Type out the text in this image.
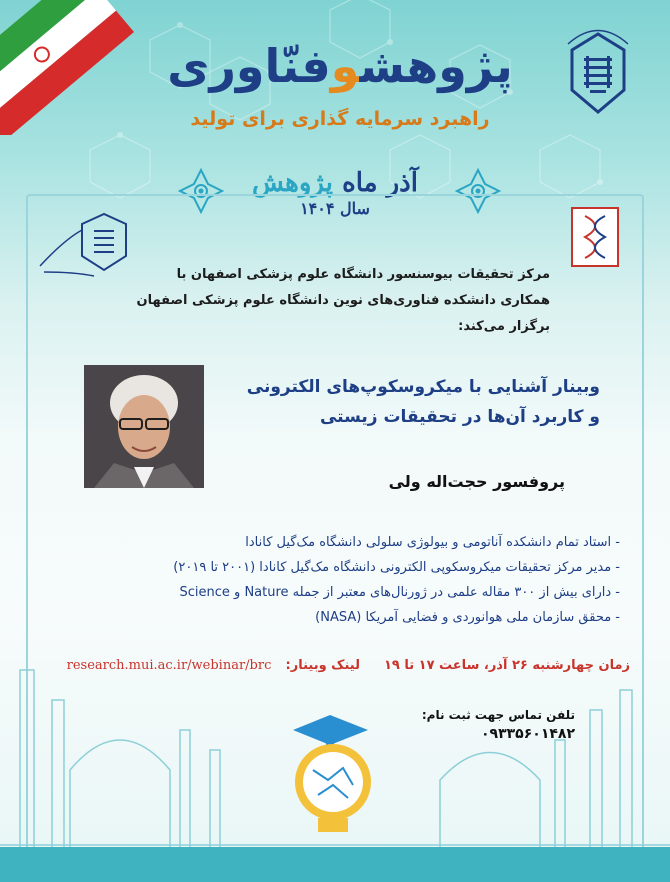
پژوهشوفنّاوری
راهبرد سرمایه گذاری برای تولید
آذر ماه پژوهش سال ۱۴۰۴

مرکز تحقیقات بیوسنسور دانشگاه علوم پزشکی اصفهان با

همکاری دانشکده فناوری‌های نوین دانشگاه علوم پزشکی اصفهان برگزار می‌کند:

وبینار آشنایی با میکروسکوپ‌های الکترونی

و کاربرد آن‌ها در تحقیقات زیستی

پروفسور حجت‌اله ولی

- استاد تمام دانشکده آناتومی و بیولوژی سلولی دانشگاه مک‌گیل کانادا

- مدیر مرکز تحقیقات میکروسکوپی الکترونی دانشگاه مک‌گیل کانادا (۲۰۰۱ تا ۲۰۱۹)

- دارای بیش از ۳۰۰ مقاله علمی در ژورنال‌های معتبر از جمله Nature و Science

- محقق سازمان ملی هوانوردی و فضایی آمریکا (NASA)

زمان چهارشنبه ۲۶ آذر، ساعت ۱۷ تا ۱۹
لینک وبینار: research.mui.ac.ir/webinar/brc
تلفن تماس جهت ثبت نام:
۰۹۳۳۵۶۰۱۴۸۲
